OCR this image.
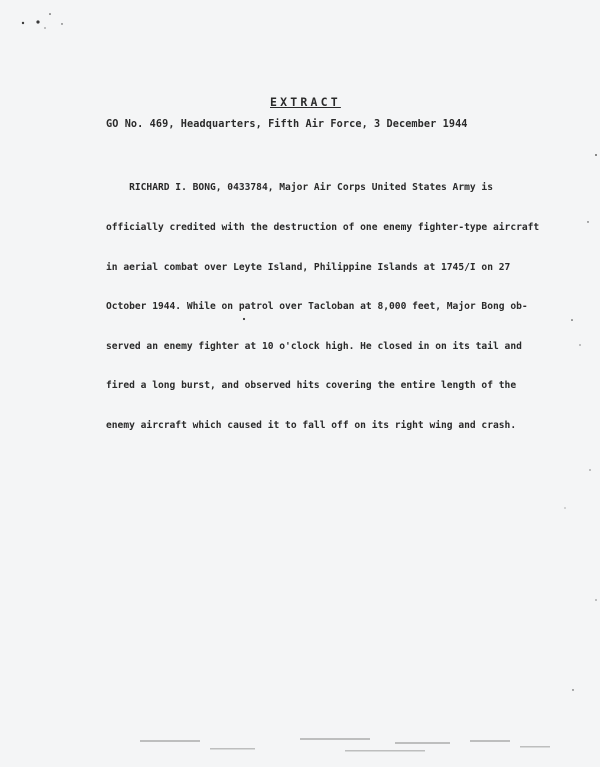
EXTRACT
GO No. 469, Headquarters, Fifth Air Force, 3 December 1944

RICHARD I. BONG, 0433784, Major Air Corps United States Army is

officially credited with the destruction of one enemy fighter-type aircraft

in aerial combat over Leyte Island, Philippine Islands at 1745/I on 27

October 1944. While on patrol over Tacloban at 8,000 feet, Major Bong ob-

served an enemy fighter at 10 o'clock high. He closed in on its tail and

fired a long burst, and observed hits covering the entire length of the

enemy aircraft which caused it to fall off on its right wing and crash.
